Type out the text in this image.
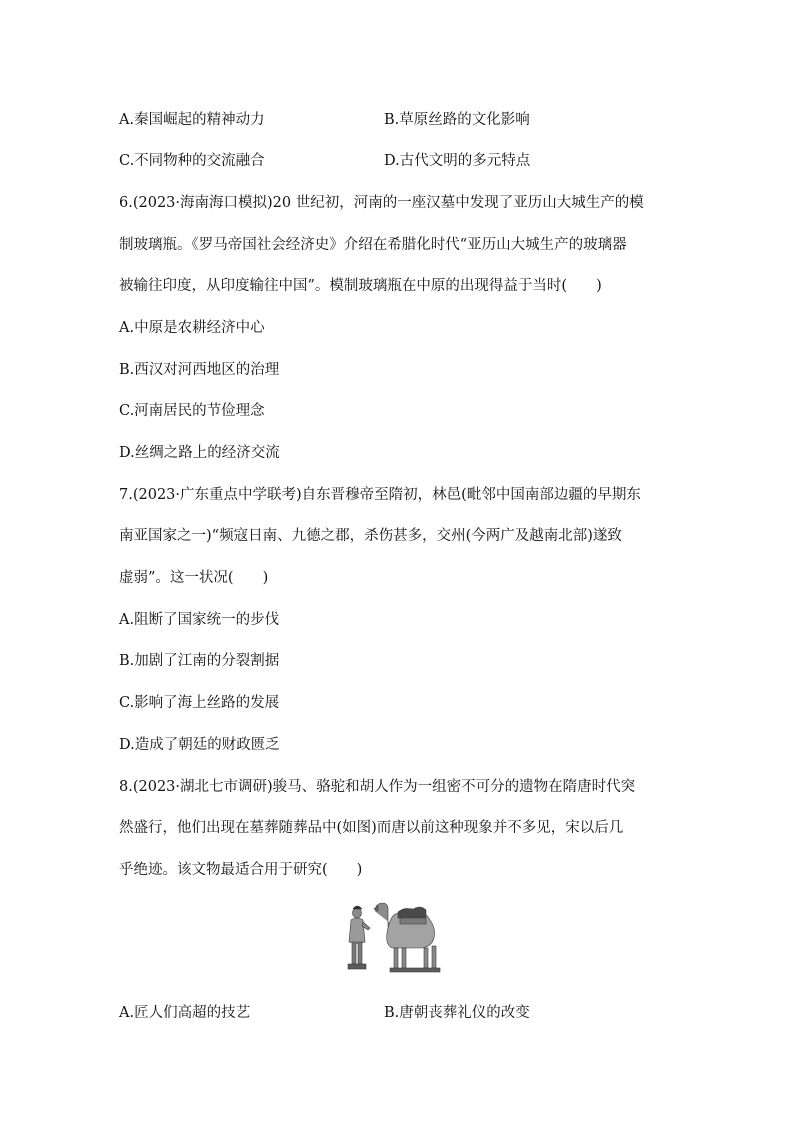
A.秦国崛起的精神动力	B.草原丝路的文化影响
C.不同物种的交流融合	D.古代文明的多元特点
6.(2023·海南海口模拟)20 世纪初，河南的一座汉墓中发现了亚历山大城生产的模
制玻璃瓶。《罗马帝国社会经济史》介绍在希腊化时代“亚历山大城生产的玻璃器
被输往印度，从印度输往中国”。模制玻璃瓶在中原的出现得益于当时(　　)
A.中原是农耕经济中心
B.西汉对河西地区的治理
C.河南居民的节俭理念
D.丝绸之路上的经济交流
7.(2023·广东重点中学联考)自东晋穆帝至隋初，林邑(毗邻中国南部边疆的早期东
南亚国家之一)“频寇日南、九德之郡，杀伤甚多，交州(今两广及越南北部)遂致
虚弱”。这一状况(　　)
A.阻断了国家统一的步伐
B.加剧了江南的分裂割据
C.影响了海上丝路的发展
D.造成了朝廷的财政匮乏
8.(2023·湖北七市调研)骏马、骆驼和胡人作为一组密不可分的遗物在隋唐时代突
然盛行，他们出现在墓葬随葬品中(如图)而唐以前这种现象并不多见，宋以后几
乎绝迹。该文物最适合用于研究(　　)
A.匠人们高超的技艺	B.唐朝丧葬礼仪的改变
